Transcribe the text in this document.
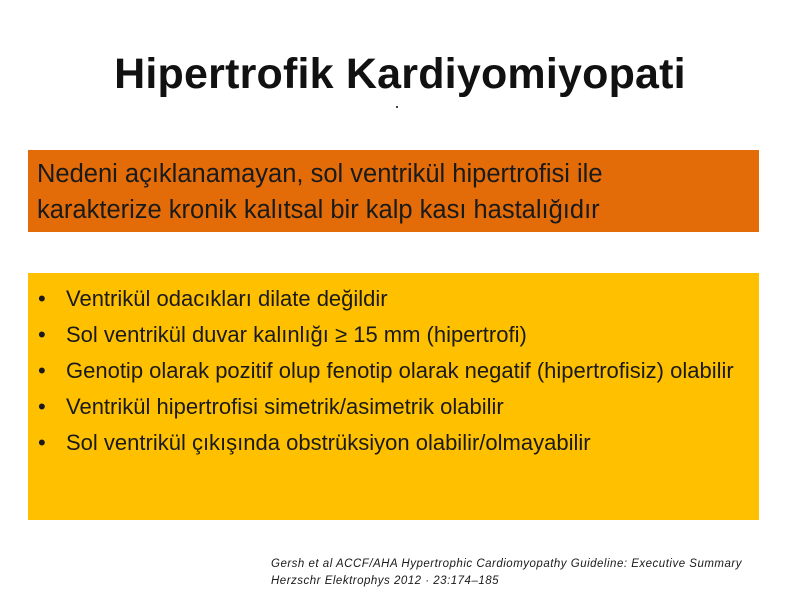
Hipertrofik Kardiyomiyopati

Nedeni açıklanamayan, sol ventrikül hipertrofisi ile
karakterize kronik kalıtsal bir kalp kası hastalığıdır

• Ventrikül odacıkları dilate değildir
• Sol ventrikül duvar kalınlığı ≥ 15 mm (hipertrofi)
• Genotip olarak pozitif olup fenotip olarak negatif (hipertrofisiz) olabilir
• Ventrikül hipertrofisi simetrik/asimetrik olabilir
• Sol ventrikül çıkışında obstrüksiyon olabilir/olmayabilir
Gersh et al ACCF/AHA Hypertrophic Cardiomyopathy Guideline: Executive Summary
Herzschr Elektrophys 2012 · 23:174–185
